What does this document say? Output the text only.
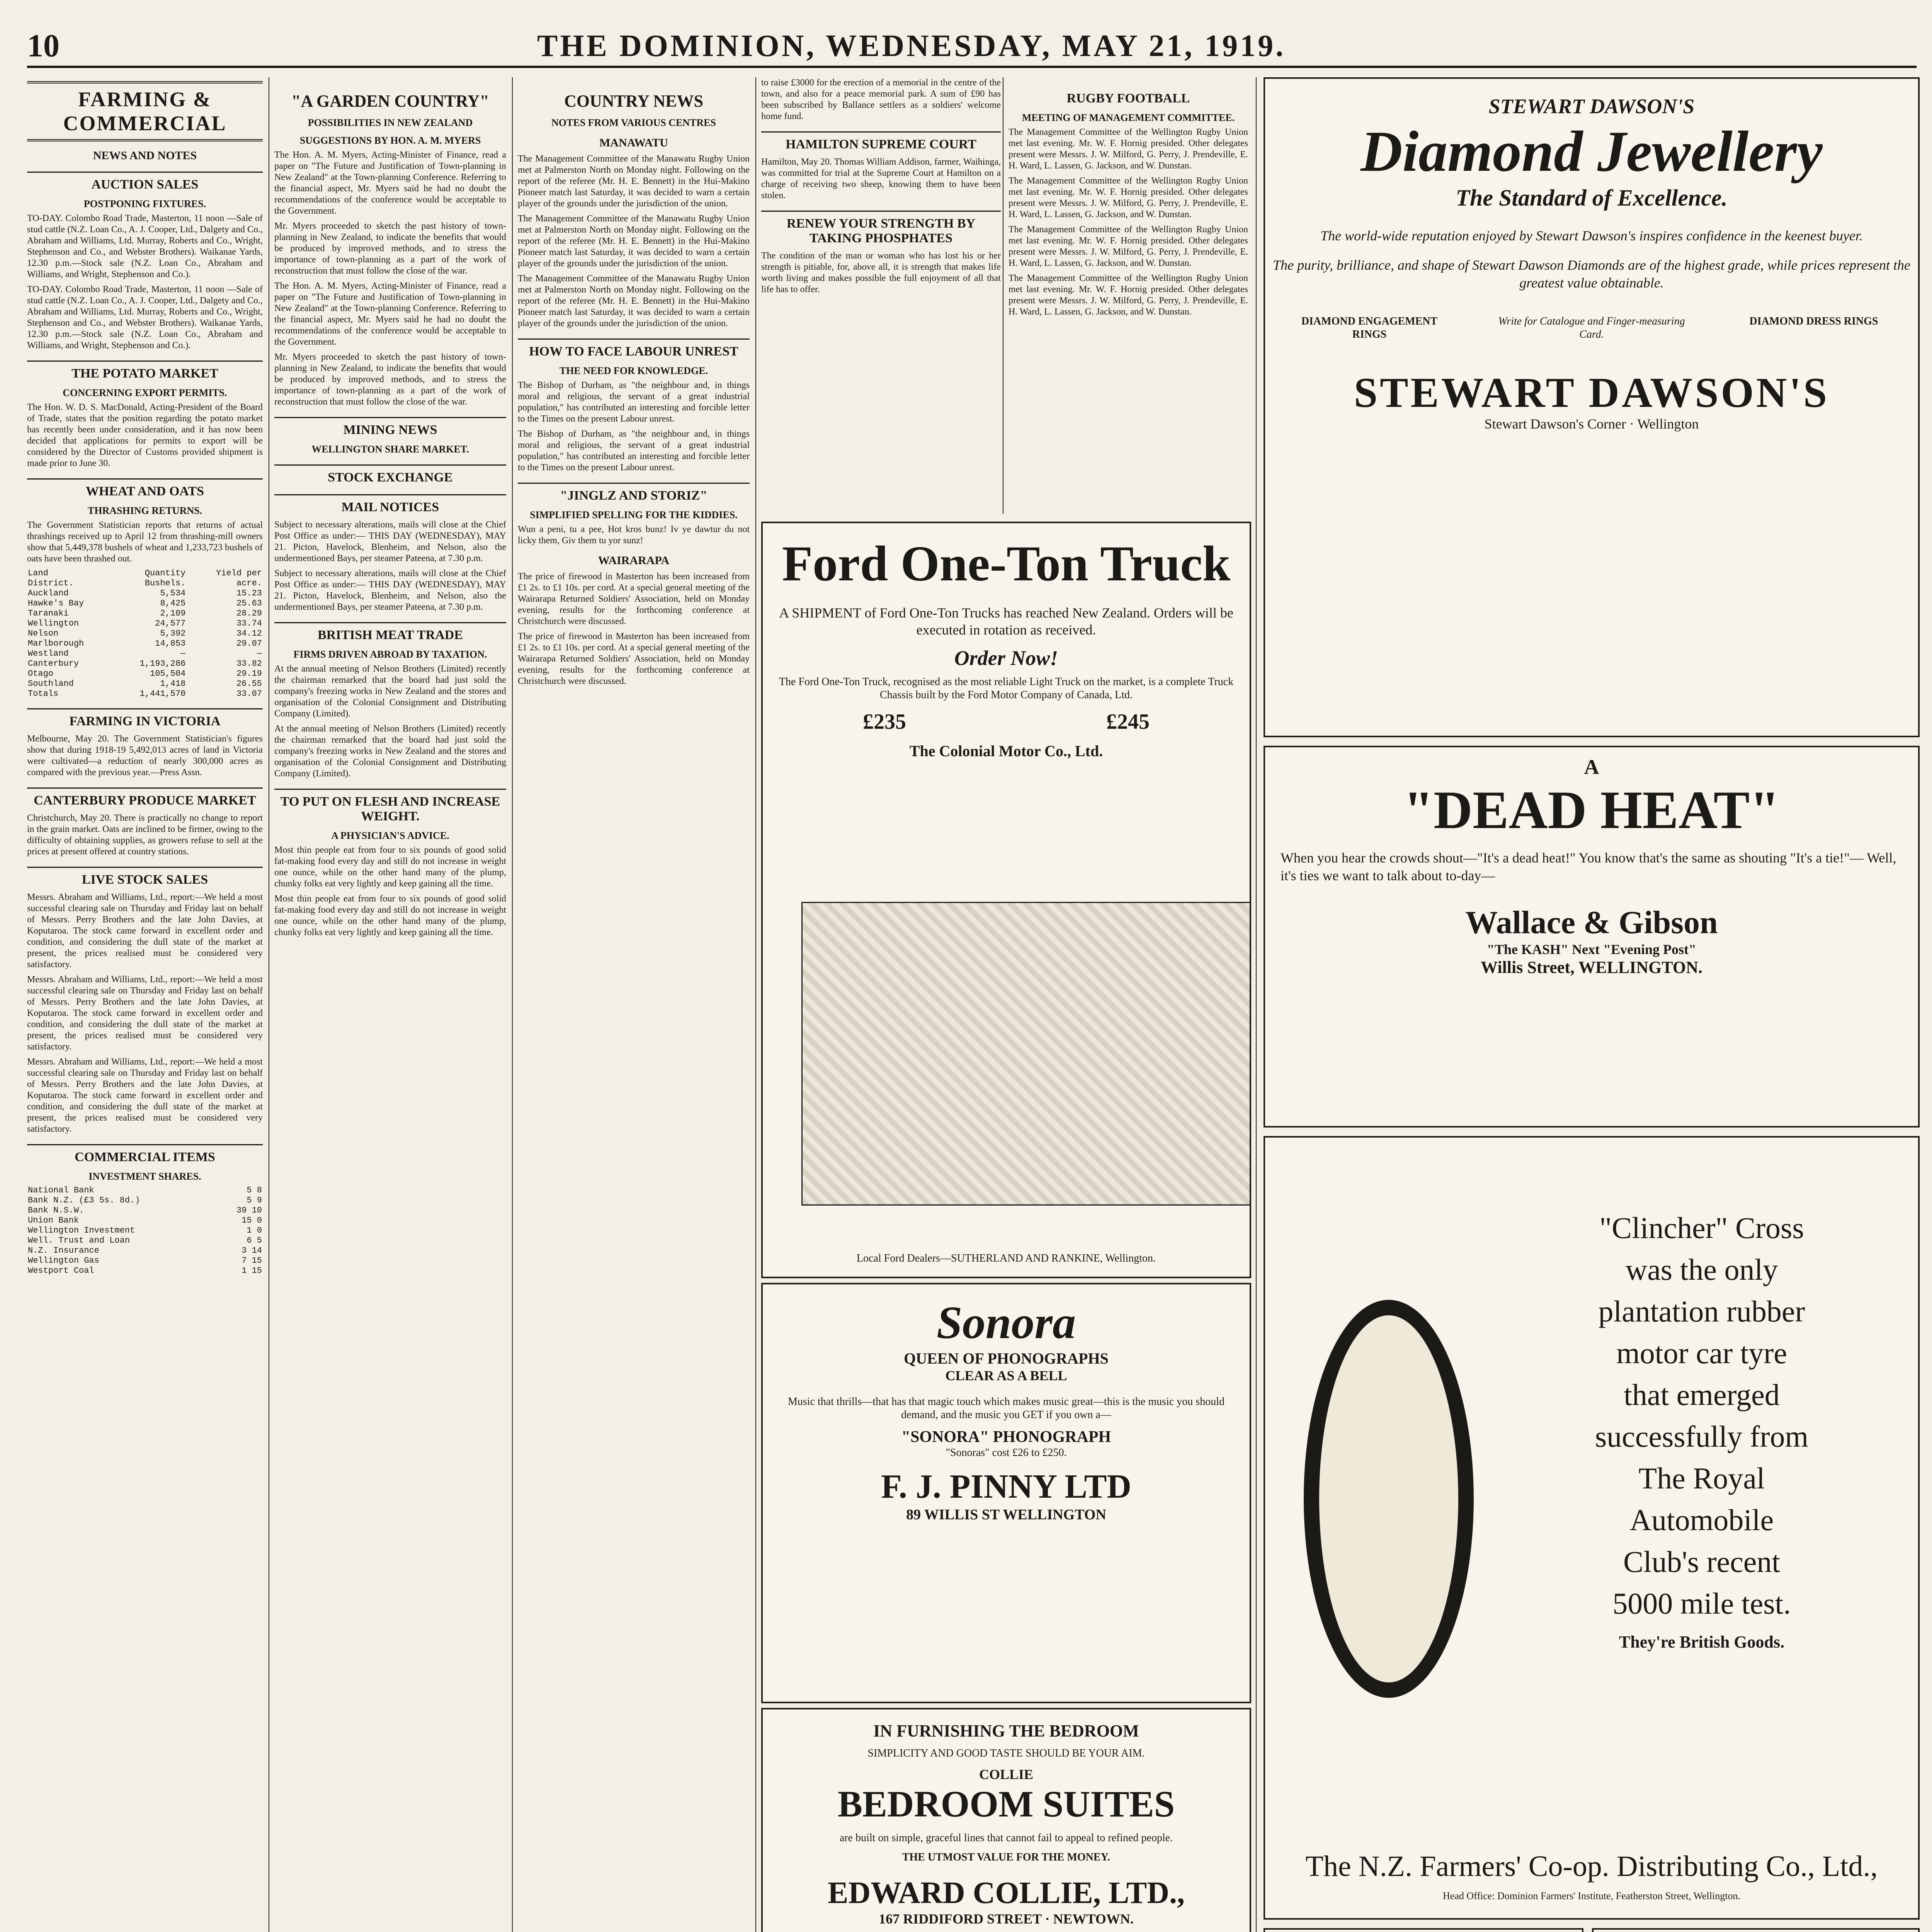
10	THE DOMINION, WEDNESDAY, MAY 21, 1919.
FARMING & COMMERCIAL
NEWS AND NOTES
AUCTION SALES
POSTPONING FIXTURES.

TO-DAY. Colombo Road Trade, Masterton, 11 noon —Sale of stud cattle (N.Z. Loan Co., A. J. Cooper, Ltd., Dalgety and Co., Abraham and Williams, Ltd. Murray, Roberts and Co., Wright, Stephenson and Co., and Webster Brothers). Waikanae Yards, 12.30 p.m.—Stock sale (N.Z. Loan Co., Abraham and Williams, and Wright, Stephenson and Co.).

TO-DAY. Colombo Road Trade, Masterton, 11 noon —Sale of stud cattle (N.Z. Loan Co., A. J. Cooper, Ltd., Dalgety and Co., Abraham and Williams, Ltd. Murray, Roberts and Co., Wright, Stephenson and Co., and Webster Brothers). Waikanae Yards, 12.30 p.m.—Stock sale (N.Z. Loan Co., Abraham and Williams, and Wright, Stephenson and Co.).

THE POTATO MARKET
CONCERNING EXPORT PERMITS.

The Hon. W. D. S. MacDonald, Acting-President of the Board of Trade, states that the position regarding the potato market has recently been under consideration, and it has now been decided that applications for permits to export will be considered by the Director of Customs provided shipment is made prior to June 30.

WHEAT AND OATS
THRASHING RETURNS.

The Government Statistician reports that returns of actual thrashings received up to April 12 from thrashing-mill owners show that 5,449,378 bushels of wheat and 1,233,723 bushels of oats have been thrashed out.

Land District.	Quantity Bushels.	Yield per acre.
Auckland	5,534	15.23
Hawke's Bay	8,425	25.63
Taranaki	2,109	28.29
Wellington	24,577	33.74
Nelson	5,392	34.12
Marlborough	14,853	29.07
Westland	—	—
Canterbury	1,193,286	33.82
Otago	105,504	29.19
Southland	1,418	26.55
Totals	1,441,570	33.07
FARMING IN VICTORIA

Melbourne, May 20. The Government Statistician's figures show that during 1918-19 5,492,013 acres of land in Victoria were cultivated—a reduction of nearly 300,000 acres as compared with the previous year.—Press Assn.

CANTERBURY PRODUCE MARKET

Christchurch, May 20. There is practically no change to report in the grain market. Oats are inclined to be firmer, owing to the difficulty of obtaining supplies, as growers refuse to sell at the prices at present offered at country stations.

LIVE STOCK SALES

Messrs. Abraham and Williams, Ltd., report:—We held a most successful clearing sale on Thursday and Friday last on behalf of Messrs. Perry Brothers and the late John Davies, at Koputaroa. The stock came forward in excellent order and condition, and considering the dull state of the market at present, the prices realised must be considered very satisfactory.

Messrs. Abraham and Williams, Ltd., report:—We held a most successful clearing sale on Thursday and Friday last on behalf of Messrs. Perry Brothers and the late John Davies, at Koputaroa. The stock came forward in excellent order and condition, and considering the dull state of the market at present, the prices realised must be considered very satisfactory.

Messrs. Abraham and Williams, Ltd., report:—We held a most successful clearing sale on Thursday and Friday last on behalf of Messrs. Perry Brothers and the late John Davies, at Koputaroa. The stock came forward in excellent order and condition, and considering the dull state of the market at present, the prices realised must be considered very satisfactory.

COMMERCIAL ITEMS
INVESTMENT SHARES.
National Bank		5 8
Bank N.Z. (£3 5s. 8d.)		5 9
Bank N.S.W.		39 10
Union Bank		15 0
Wellington Investment		1 0
Well. Trust and Loan		6 5
N.Z. Insurance		3 14
Wellington Gas		7 15
Westport Coal		1 15
"A GARDEN COUNTRY"
POSSIBILITIES IN NEW ZEALAND
SUGGESTIONS BY HON. A. M. MYERS

The Hon. A. M. Myers, Acting-Minister of Finance, read a paper on "The Future and Justification of Town-planning in New Zealand" at the Town-planning Conference. Referring to the financial aspect, Mr. Myers said he had no doubt the recommendations of the conference would be acceptable to the Government.

Mr. Myers proceeded to sketch the past history of town-planning in New Zealand, to indicate the benefits that would be produced by improved methods, and to stress the importance of town-planning as a part of the work of reconstruction that must follow the close of the war.

The Hon. A. M. Myers, Acting-Minister of Finance, read a paper on "The Future and Justification of Town-planning in New Zealand" at the Town-planning Conference. Referring to the financial aspect, Mr. Myers said he had no doubt the recommendations of the conference would be acceptable to the Government.

Mr. Myers proceeded to sketch the past history of town-planning in New Zealand, to indicate the benefits that would be produced by improved methods, and to stress the importance of town-planning as a part of the work of reconstruction that must follow the close of the war.

MINING NEWS
WELLINGTON SHARE MARKET.
STOCK EXCHANGE
MAIL NOTICES

Subject to necessary alterations, mails will close at the Chief Post Office as under:— THIS DAY (WEDNESDAY), MAY 21. Picton, Havelock, Blenheim, and Nelson, also the undermentioned Bays, per steamer Pateena, at 7.30 p.m.

Subject to necessary alterations, mails will close at the Chief Post Office as under:— THIS DAY (WEDNESDAY), MAY 21. Picton, Havelock, Blenheim, and Nelson, also the undermentioned Bays, per steamer Pateena, at 7.30 p.m.

BRITISH MEAT TRADE
FIRMS DRIVEN ABROAD BY TAXATION.

At the annual meeting of Nelson Brothers (Limited) recently the chairman remarked that the board had just sold the company's freezing works in New Zealand and the stores and organisation of the Colonial Consignment and Distributing Company (Limited).

At the annual meeting of Nelson Brothers (Limited) recently the chairman remarked that the board had just sold the company's freezing works in New Zealand and the stores and organisation of the Colonial Consignment and Distributing Company (Limited).

TO PUT ON FLESH AND INCREASE WEIGHT.
A PHYSICIAN'S ADVICE.

Most thin people eat from four to six pounds of good solid fat-making food every day and still do not increase in weight one ounce, while on the other hand many of the plump, chunky folks eat very lightly and keep gaining all the time.

Most thin people eat from four to six pounds of good solid fat-making food every day and still do not increase in weight one ounce, while on the other hand many of the plump, chunky folks eat very lightly and keep gaining all the time.

COUNTRY NEWS
NOTES FROM VARIOUS CENTRES
MANAWATU

The Management Committee of the Manawatu Rugby Union met at Palmerston North on Monday night. Following on the report of the referee (Mr. H. E. Bennett) in the Hui-Makino Pioneer match last Saturday, it was decided to warn a certain player of the grounds under the jurisdiction of the union.

The Management Committee of the Manawatu Rugby Union met at Palmerston North on Monday night. Following on the report of the referee (Mr. H. E. Bennett) in the Hui-Makino Pioneer match last Saturday, it was decided to warn a certain player of the grounds under the jurisdiction of the union.

The Management Committee of the Manawatu Rugby Union met at Palmerston North on Monday night. Following on the report of the referee (Mr. H. E. Bennett) in the Hui-Makino Pioneer match last Saturday, it was decided to warn a certain player of the grounds under the jurisdiction of the union.

HOW TO FACE LABOUR UNREST
THE NEED FOR KNOWLEDGE.

The Bishop of Durham, as "the neighbour and, in things moral and religious, the servant of a great industrial population," has contributed an interesting and forcible letter to the Times on the present Labour unrest.

The Bishop of Durham, as "the neighbour and, in things moral and religious, the servant of a great industrial population," has contributed an interesting and forcible letter to the Times on the present Labour unrest.

"JINGLZ AND STORIZ"
SIMPLIFIED SPELLING FOR THE KIDDIES.

Wun a peni, tu a pee, Hot kros bunz! Iv ye dawtur du not licky them, Giv them tu yor sunz!

WAIRARAPA

The price of firewood in Masterton has been increased from £1 2s. to £1 10s. per cord. At a special general meeting of the Wairarapa Returned Soldiers' Association, held on Monday evening, results for the forthcoming conference at Christchurch were discussed.

The price of firewood in Masterton has been increased from £1 2s. to £1 10s. per cord. At a special general meeting of the Wairarapa Returned Soldiers' Association, held on Monday evening, results for the forthcoming conference at Christchurch were discussed.

to raise £3000 for the erection of a memorial in the centre of the town, and also for a peace memorial park. A sum of £90 has been subscribed by Ballance settlers as a soldiers' welcome home fund.

HAMILTON SUPREME COURT

Hamilton, May 20. Thomas William Addison, farmer, Waihinga, was committed for trial at the Supreme Court at Hamilton on a charge of receiving two sheep, knowing them to have been stolen.

RENEW YOUR STRENGTH BY TAKING PHOSPHATES

The condition of the man or woman who has lost his or her strength is pitiable, for, above all, it is strength that makes life worth living and makes possible the full enjoyment of all that life has to offer.

RUGBY FOOTBALL
MEETING OF MANAGEMENT COMMITTEE.

The Management Committee of the Wellington Rugby Union met last evening. Mr. W. F. Hornig presided. Other delegates present were Messrs. J. W. Milford, G. Perry, J. Prendeville, E. H. Ward, L. Lassen, G. Jackson, and W. Dunstan.

The Management Committee of the Wellington Rugby Union met last evening. Mr. W. F. Hornig presided. Other delegates present were Messrs. J. W. Milford, G. Perry, J. Prendeville, E. H. Ward, L. Lassen, G. Jackson, and W. Dunstan.

The Management Committee of the Wellington Rugby Union met last evening. Mr. W. F. Hornig presided. Other delegates present were Messrs. J. W. Milford, G. Perry, J. Prendeville, E. H. Ward, L. Lassen, G. Jackson, and W. Dunstan.

The Management Committee of the Wellington Rugby Union met last evening. Mr. W. F. Hornig presided. Other delegates present were Messrs. J. W. Milford, G. Perry, J. Prendeville, E. H. Ward, L. Lassen, G. Jackson, and W. Dunstan.

Ford One-Ton Truck
A SHIPMENT of Ford One-Ton Trucks has reached New Zealand. Orders will be executed in rotation as received.
Order Now!
The Ford One-Ton Truck, recognised as the most reliable Light Truck on the market, is a complete Truck Chassis built by the Ford Motor Company of Canada, Ltd.
£235	£245
The Colonial Motor Co., Ltd.
Local Ford Dealers—SUTHERLAND AND RANKINE, Wellington.
Sonora
QUEEN OF PHONOGRAPHS
CLEAR AS A BELL
Music that thrills—that has that magic touch which makes music great—this is the music you should demand, and the music you GET if you own a—
"SONORA" PHONOGRAPH
"Sonoras" cost £26 to £250.
F. J. PINNY LTD
89 WILLIS ST WELLINGTON
IN FURNISHING THE BEDROOM
SIMPLICITY AND GOOD TASTE SHOULD BE YOUR AIM.
COLLIE
BEDROOM SUITES
are built on simple, graceful lines that cannot fail to appeal to refined people.
THE UTMOST VALUE FOR THE MONEY.
EDWARD COLLIE, LTD.,
167 RIDDIFORD STREET · NEWTOWN.

STEWART DAWSON'S
Diamond Jewellery
The Standard of Excellence.
The world-wide reputation enjoyed by Stewart Dawson's inspires confidence in the keenest buyer.
The purity, brilliance, and shape of Stewart Dawson Diamonds are of the highest grade, while prices represent the greatest value obtainable.
DIAMOND ENGAGEMENT RINGS
Write for Catalogue and Finger-measuring Card.
DIAMOND DRESS RINGS
STEWART DAWSON'S
Stewart Dawson's Corner · Wellington
A
"DEAD HEAT"
When you hear the crowds shout—"It's a dead heat!" You know that's the same as shouting "It's a tie!"— Well, it's ties we want to talk about to-day—
Wallace & Gibson
"The KASH" Next "Evening Post"
Willis Street, WELLINGTON.
"Clincher" Cross
was the only
plantation rubber
motor car tyre
that emerged
successfully from
The Royal
Automobile
Club's recent
5000 mile test.
They're British Goods.
The N.Z. Farmers' Co-op. Distributing Co., Ltd.,
Head Office: Dominion Farmers' Institute, Featherston Street, Wellington.
